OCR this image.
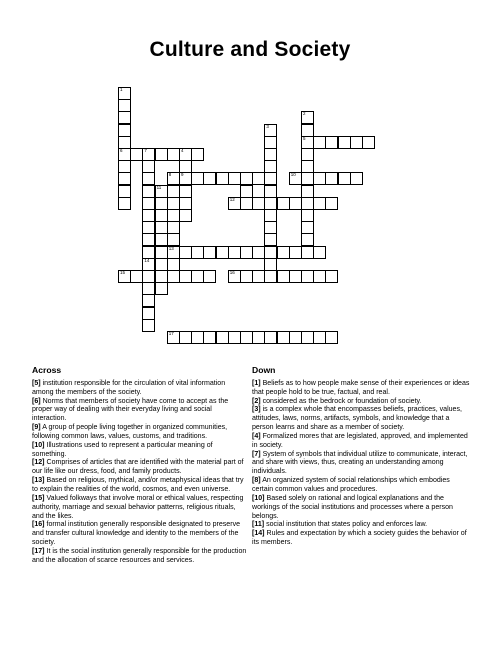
Culture and Society
1
6
2
5
3
4
9
7
14
8
13
10
11
12
15	16
17
Across

[5] institution responsible for the circulation of vital information among the members of the society.

[6] Norms that members of society have come to accept as the proper way of dealing with their everyday living and social interaction.

[9] A group of people living together in organized communities, following common laws, values, customs, and traditions.

[10] Illustrations used to represent a particular meaning of something.

[12] Comprises of articles that are identified with the material part of our life like our dress, food, and family products.

[13] Based on religious, mythical, and/or metaphysical ideas that try to explain the realities of the world, cosmos, and even universe.

[15] Valued folkways that involve moral or ethical values, respecting authority, marriage and sexual behavior patterns, religious rituals, and the likes.

[16] formal institution generally responsible designated to preserve and transfer cultural knowledge and identity to the members of the society.

[17] It is the social institution generally responsible for the production and the allocation of scarce resources and services.

Down

[1] Beliefs as to how people make sense of their experiences or ideas that people hold to be true, factual, and real.

[2] considered as the bedrock or foundation of society.

[3] is a complex whole that encompasses beliefs, practices, values, attitudes, laws, norms, artifacts, symbols, and knowledge that a person learns and share as a member of society.

[4] Formalized mores that are legislated, approved, and implemented in society.

[7] System of symbols that individual utilize to communicate, interact, and share with views, thus, creating an understanding among individuals.

[8] An organized system of social relationships which embodies certain common values and procedures.

[10] Based solely on rational and logical explanations and the workings of the social institutions and processes where a person belongs.

[11] social institution that states policy and enforces law.

[14] Rules and expectation by which a society guides the behavior of its members.
